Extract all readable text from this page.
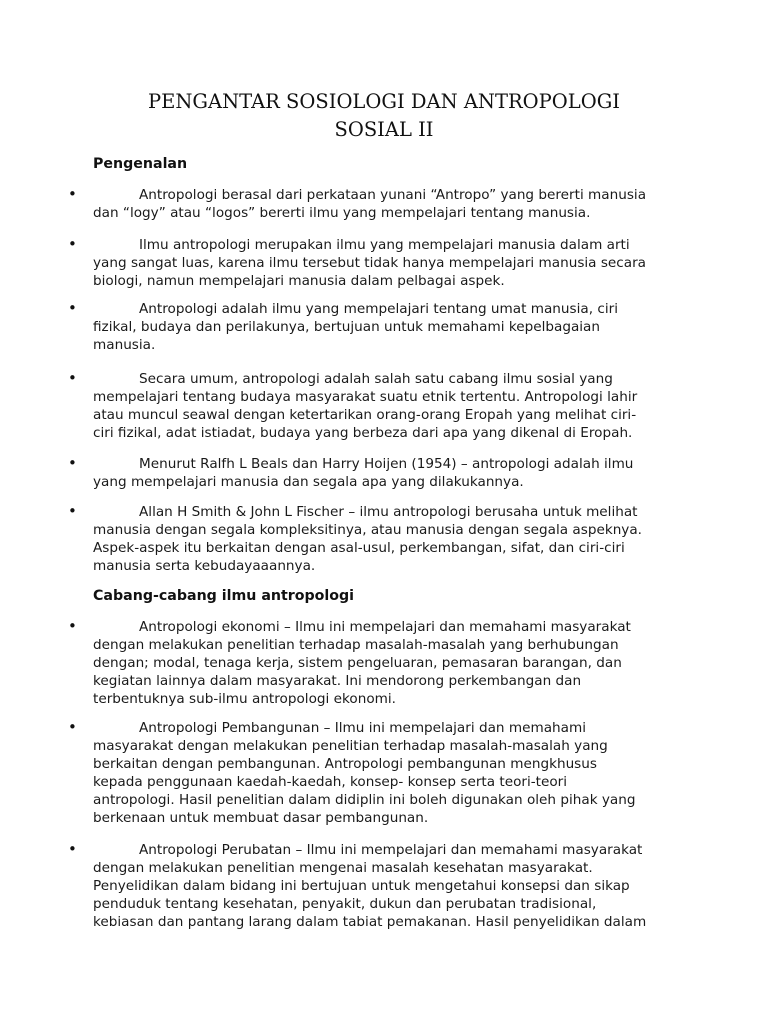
PENGANTAR SOSIOLOGI DAN ANTROPOLOGI
SOSIAL II

Pengenalan

•	Antropologi berasal dari perkataan yunani “Antropo” yang bererti manusia
dan “logy” atau “logos” bererti ilmu yang mempelajari tentang manusia.
•	Ilmu antropologi merupakan ilmu yang mempelajari manusia dalam arti
yang sangat luas, karena ilmu tersebut tidak hanya mempelajari manusia secara
biologi, namun mempelajari manusia dalam pelbagai aspek.
•	Antropologi adalah ilmu yang mempelajari tentang umat manusia, ciri
fizikal, budaya dan perilakunya, bertujuan untuk memahami kepelbagaian
manusia.
•	Secara umum, antropologi adalah salah satu cabang ilmu sosial yang
mempelajari tentang budaya masyarakat suatu etnik tertentu. Antropologi lahir
atau muncul seawal dengan ketertarikan orang-orang Eropah yang melihat ciri-
ciri fizikal, adat istiadat, budaya yang berbeza dari apa yang dikenal di Eropah.
•	Menurut Ralfh L Beals dan Harry Hoijen (1954) – antropologi adalah ilmu
yang mempelajari manusia dan segala apa yang dilakukannya.
•	Allan H Smith & John L Fischer – ilmu antropologi berusaha untuk melihat
manusia dengan segala kompleksitinya, atau manusia dengan segala aspeknya.
Aspek-aspek itu berkaitan dengan asal-usul, perkembangan, sifat, dan ciri-ciri
manusia serta kebudayaaannya.

Cabang-cabang ilmu antropologi

•	Antropologi ekonomi – Ilmu ini mempelajari dan memahami masyarakat
dengan melakukan penelitian terhadap masalah-masalah yang berhubungan
dengan; modal, tenaga kerja, sistem pengeluaran, pemasaran barangan, dan
kegiatan lainnya dalam masyarakat. Ini mendorong perkembangan dan
terbentuknya sub-ilmu antropologi ekonomi.
•	Antropologi Pembangunan – Ilmu ini mempelajari dan memahami
masyarakat dengan melakukan penelitian terhadap masalah-masalah yang
berkaitan dengan pembangunan. Antropologi pembangunan mengkhusus
kepada penggunaan kaedah-kaedah, konsep- konsep serta teori-teori
antropologi. Hasil penelitian dalam didiplin ini boleh digunakan oleh pihak yang
berkenaan untuk membuat dasar pembangunan.
•	Antropologi Perubatan – Ilmu ini mempelajari dan memahami masyarakat
dengan melakukan penelitian mengenai masalah kesehatan masyarakat.
Penyelidikan dalam bidang ini bertujuan untuk mengetahui konsepsi dan sikap
penduduk tentang kesehatan, penyakit, dukun dan perubatan tradisional,
kebiasan dan pantang larang dalam tabiat pemakanan. Hasil penyelidikan dalam
